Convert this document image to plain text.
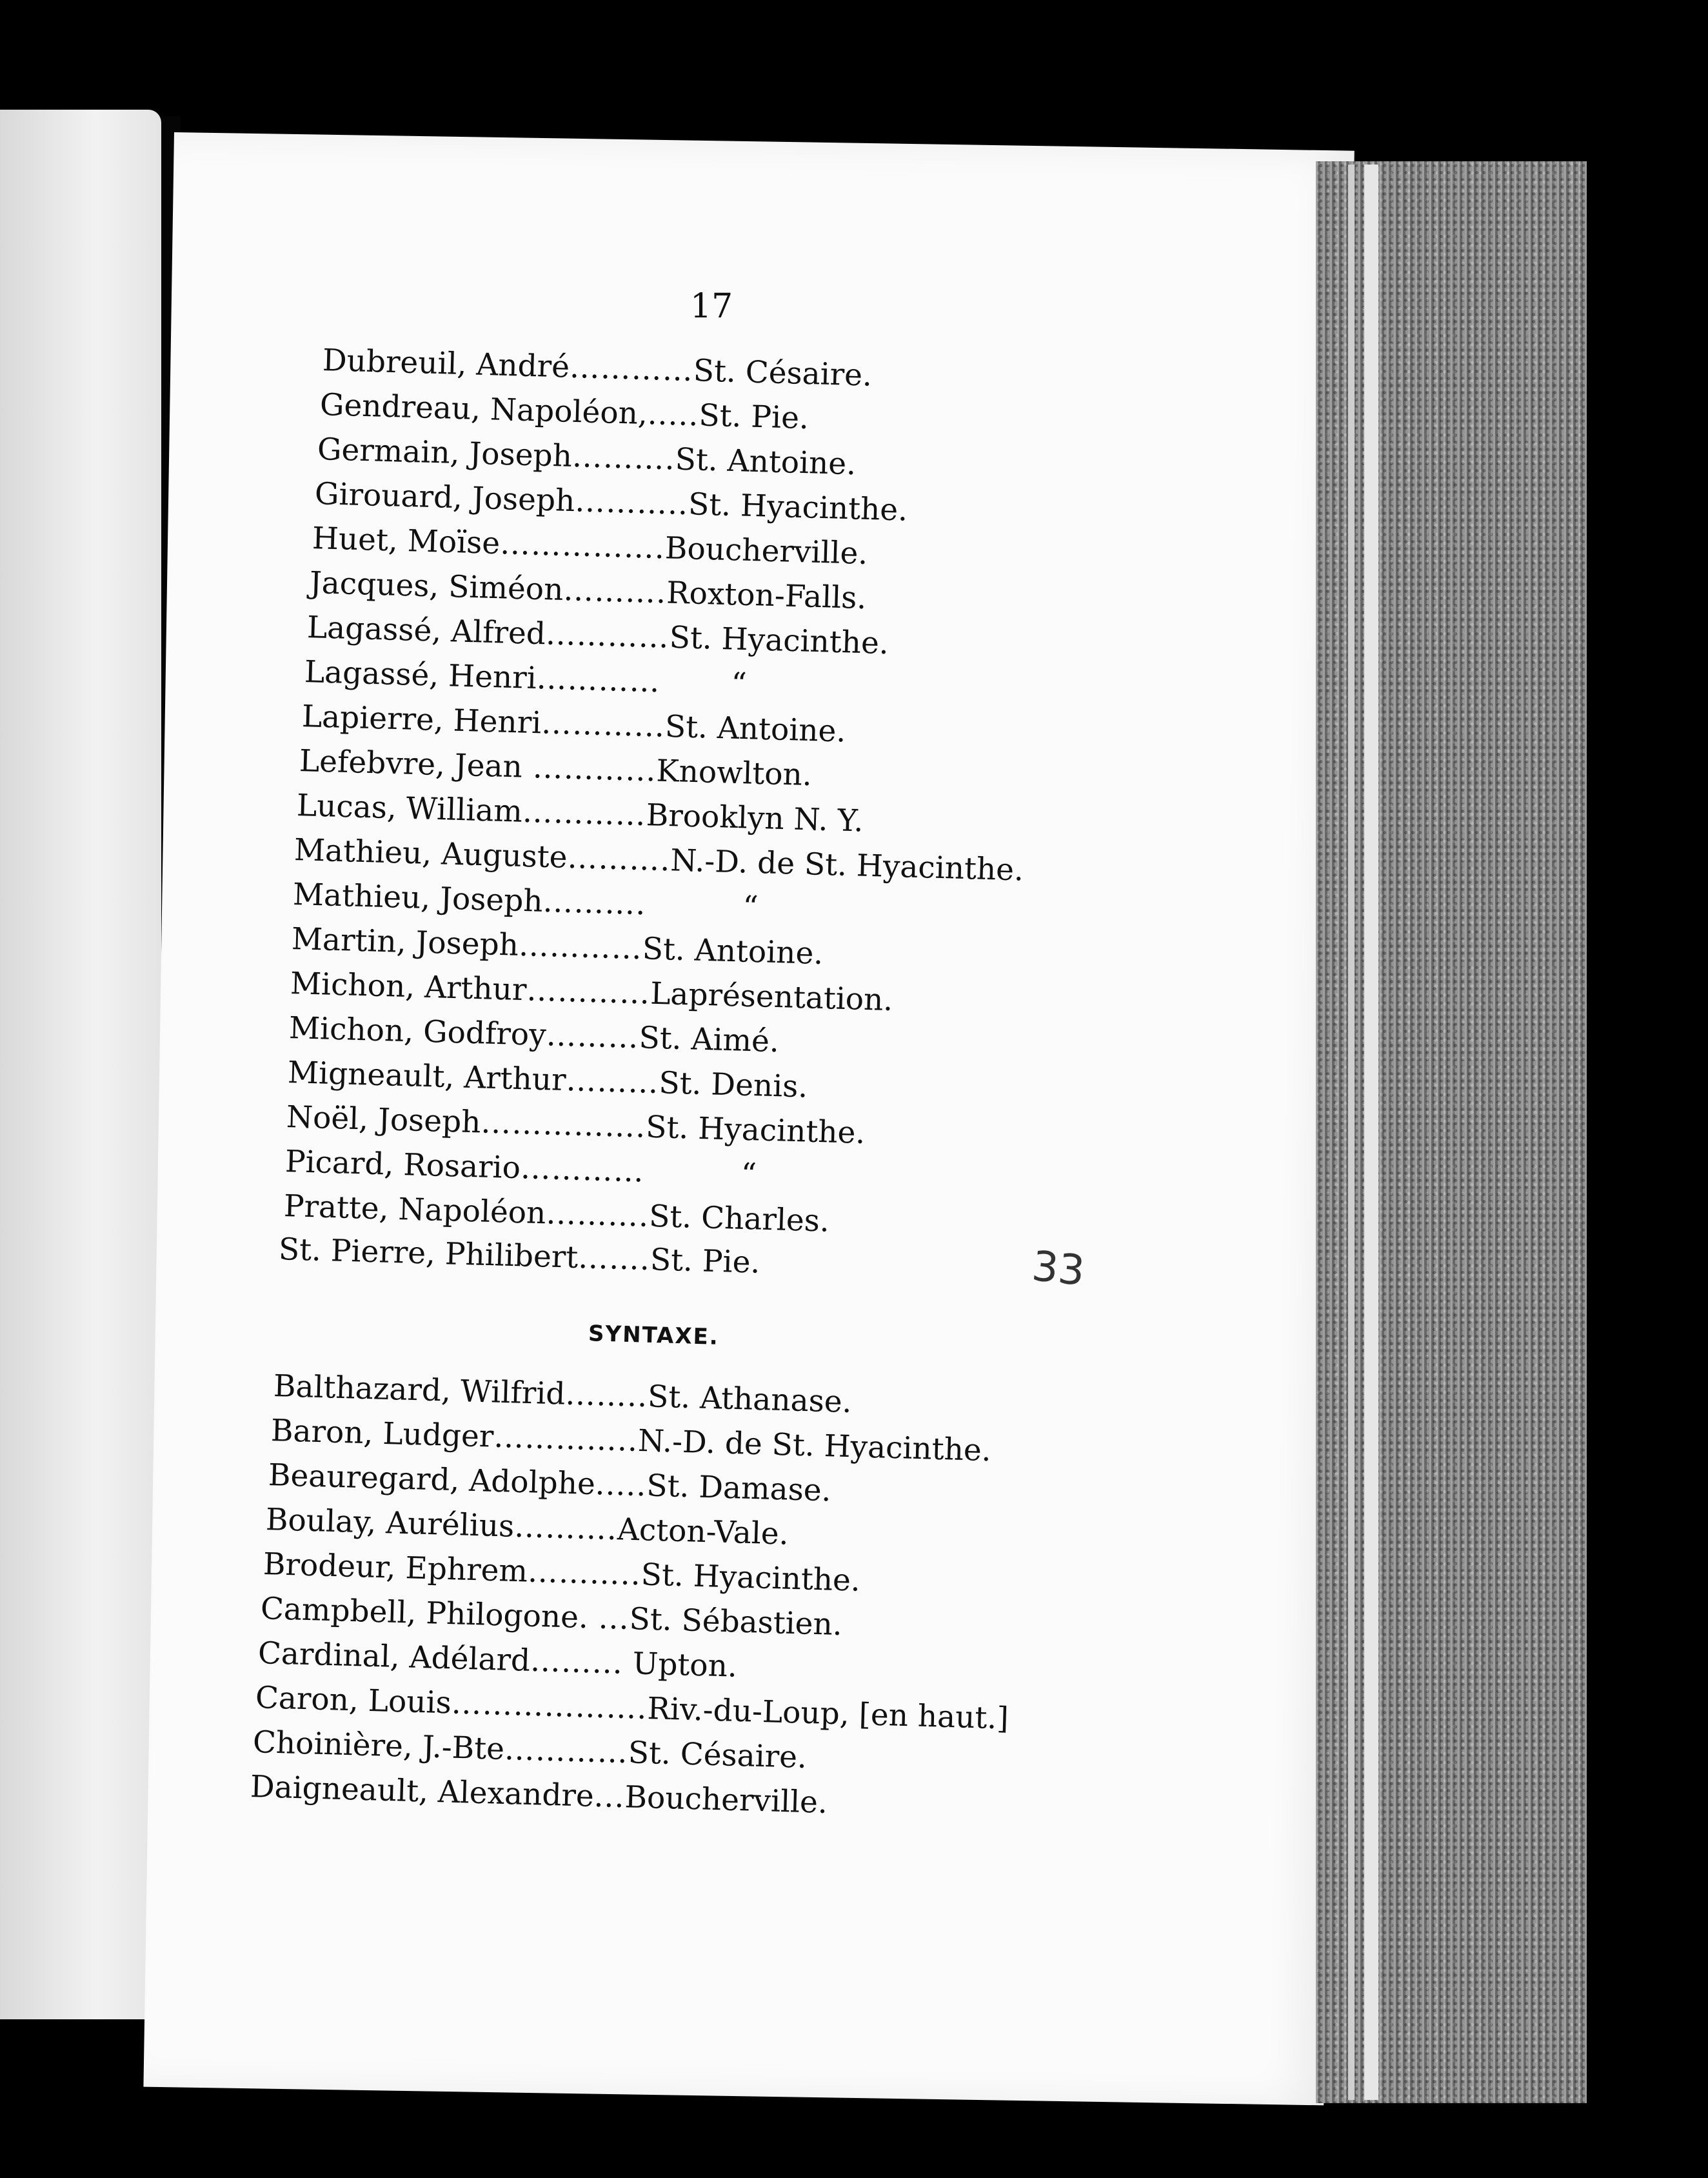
17
Dubreuil, André…………St. Césaire.
Gendreau, Napoléon,.....St. Pie.
Germain, Joseph……….St. Antoine.
Girouard, Joseph………..St. Hyacinthe.
Huet, Moïse…………….Boucherville.
Jacques, Siméon……….Roxton-Falls.
Lagassé, Alfred…………St. Hyacinthe.
Lagassé, Henri………… “
Lapierre, Henri………...St. Antoine.
Lefebvre, Jean ………...Knowlton.
Lucas, William…………Brooklyn N. Y.
Mathieu, Auguste……….N.-D. de St. Hyacinthe.
Mathieu, Joseph……….	“
Martin, Joseph…………St. Antoine.
Michon, Arthur…………Laprésentation.
Michon, Godfroy………St. Aimé.
Migneault, Arthur………St. Denis.
Noël, Joseph…………….St. Hyacinthe.
Picard, Rosario…………	“
Pratte, Napoléon……….St. Charles.
St. Pierre, Philibert…….St. Pie.
SYNTAXE.
Balthazard, Wilfrid……..St. Athanase.
Baron, Ludger…………..N.-D. de St. Hyacinthe.
Beauregard, Adolphe.....St. Damase.
Boulay, Aurélius……….Acton-Vale.
Brodeur, Ephrem………..St. Hyacinthe.
Campbell, Philogone. ...St. Sébastien.
Cardinal, Adélard……... Upton.
Caron, Louis……………….Riv.-du-Loup, [en haut.]
Choinière, J.-Bte…………St. Césaire.
Daigneault, Alexandre...Boucherville.
33
